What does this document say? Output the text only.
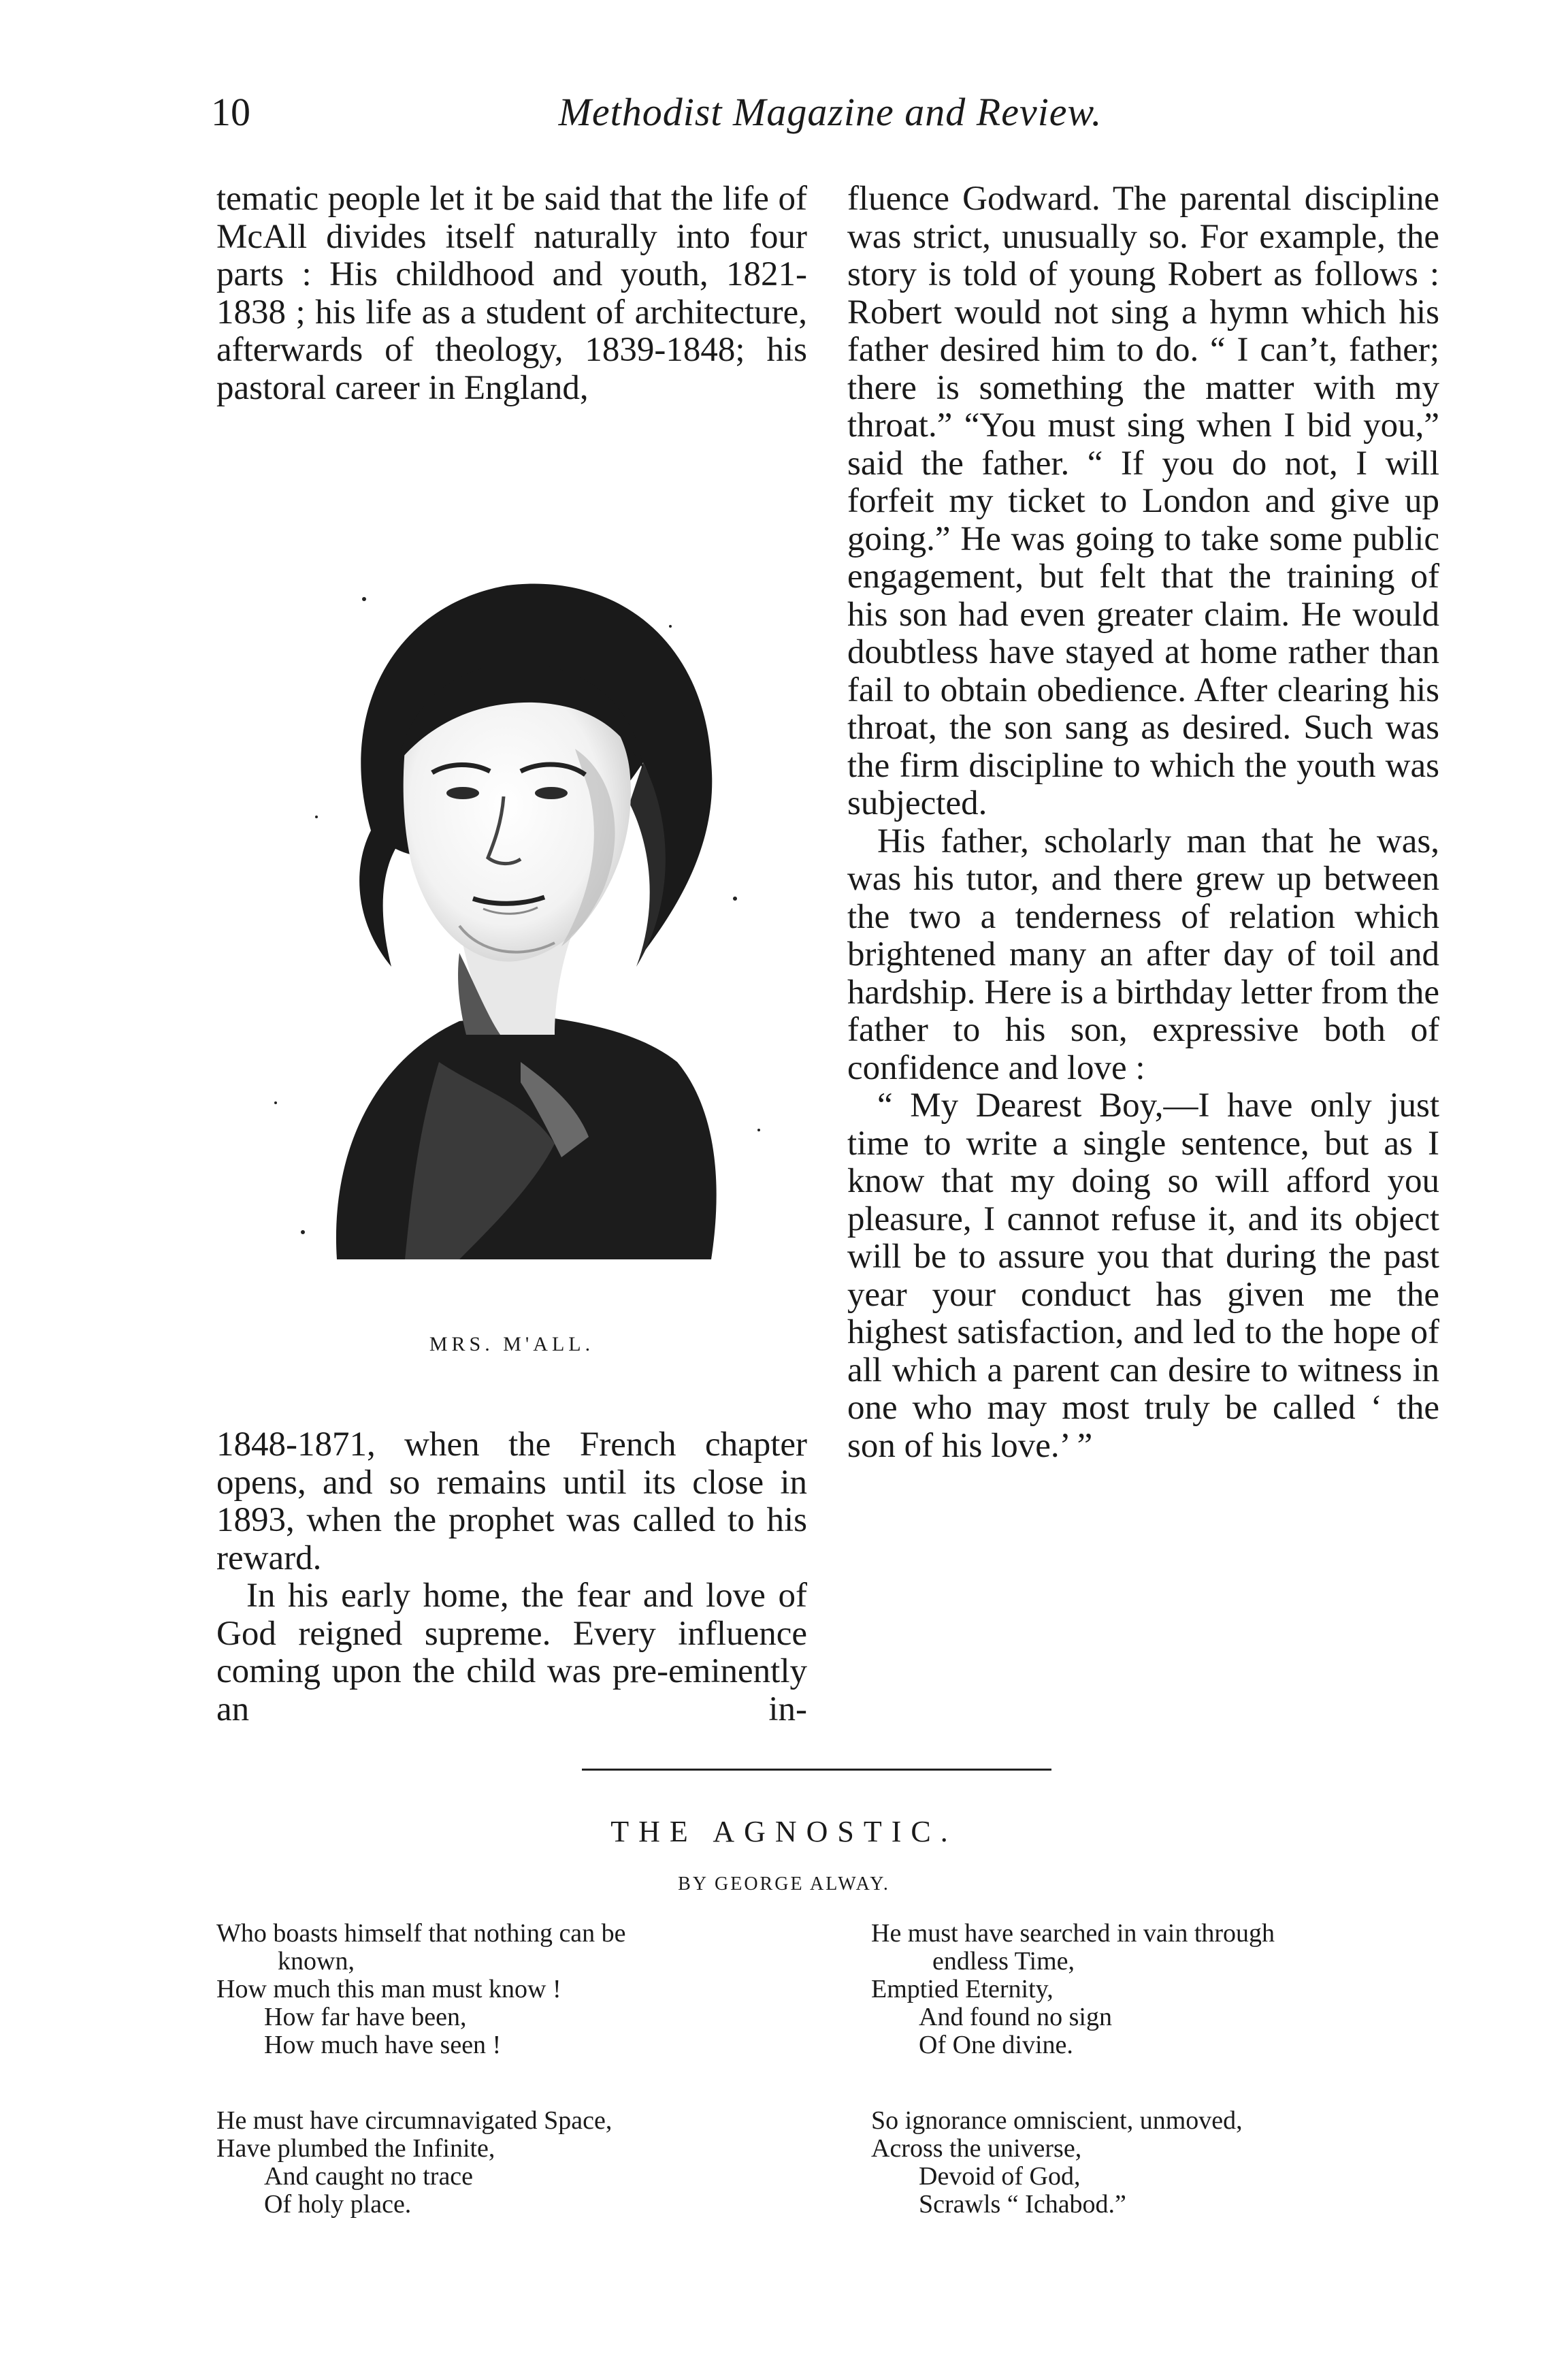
10	Methodist Magazine and Review.

tematic people let it be said that the life of McAll divides itself naturally into four parts : His childhood and youth, 1821-1838 ; his life as a student of architecture, afterwards of theology, 1839-1848; his pastoral career in England,

MRS. M'ALL.

1848-1871, when the French chapter opens, and so remains until its close in 1893, when the prophet was called to his reward.

In his early home, the fear and love of God reigned supreme. Every influence coming upon the child was pre-eminently an in-

fluence Godward. The parental discipline was strict, unusually so. For example, the story is told of young Robert as follows : Robert would not sing a hymn which his father desired him to do. “ I can’t, father; there is something the matter with my throat.” “You must sing when I bid you,” said the father. “ If you do not, I will forfeit my ticket to London and give up going.” He was going to take some public engagement, but felt that the training of his son had even greater claim. He would doubtless have stayed at home rather than fail to obtain obedience. After clearing his throat, the son sang as desired. Such was the firm discipline to which the youth was subjected.

His father, scholarly man that he was, was his tutor, and there grew up between the two a tenderness of relation which brightened many an after day of toil and hardship. Here is a birthday letter from the father to his son, expressive both of confidence and love :

“ My Dearest Boy,—I have only just time to write a single sentence, but as I know that my doing so will afford you pleasure, I cannot refuse it, and its object will be to assure you that during the past year your conduct has given me the highest satisfaction, and led to the hope of all which a parent can desire to witness in one who may most truly be called ‘ the son of his love.’ ”

THE AGNOSTIC.
BY GEORGE ALWAY.
Who boasts himself that nothing can be
known,
How much this man must know !
How far have been,
How much have seen !
He must have circumnavigated Space,
Have plumbed the Infinite,
And caught no trace
Of holy place.
He must have searched in vain through
endless Time,
Emptied Eternity,
And found no sign
Of One divine.
So ignorance omniscient, unmoved,
Across the universe,
Devoid of God,
Scrawls “ Ichabod.”
